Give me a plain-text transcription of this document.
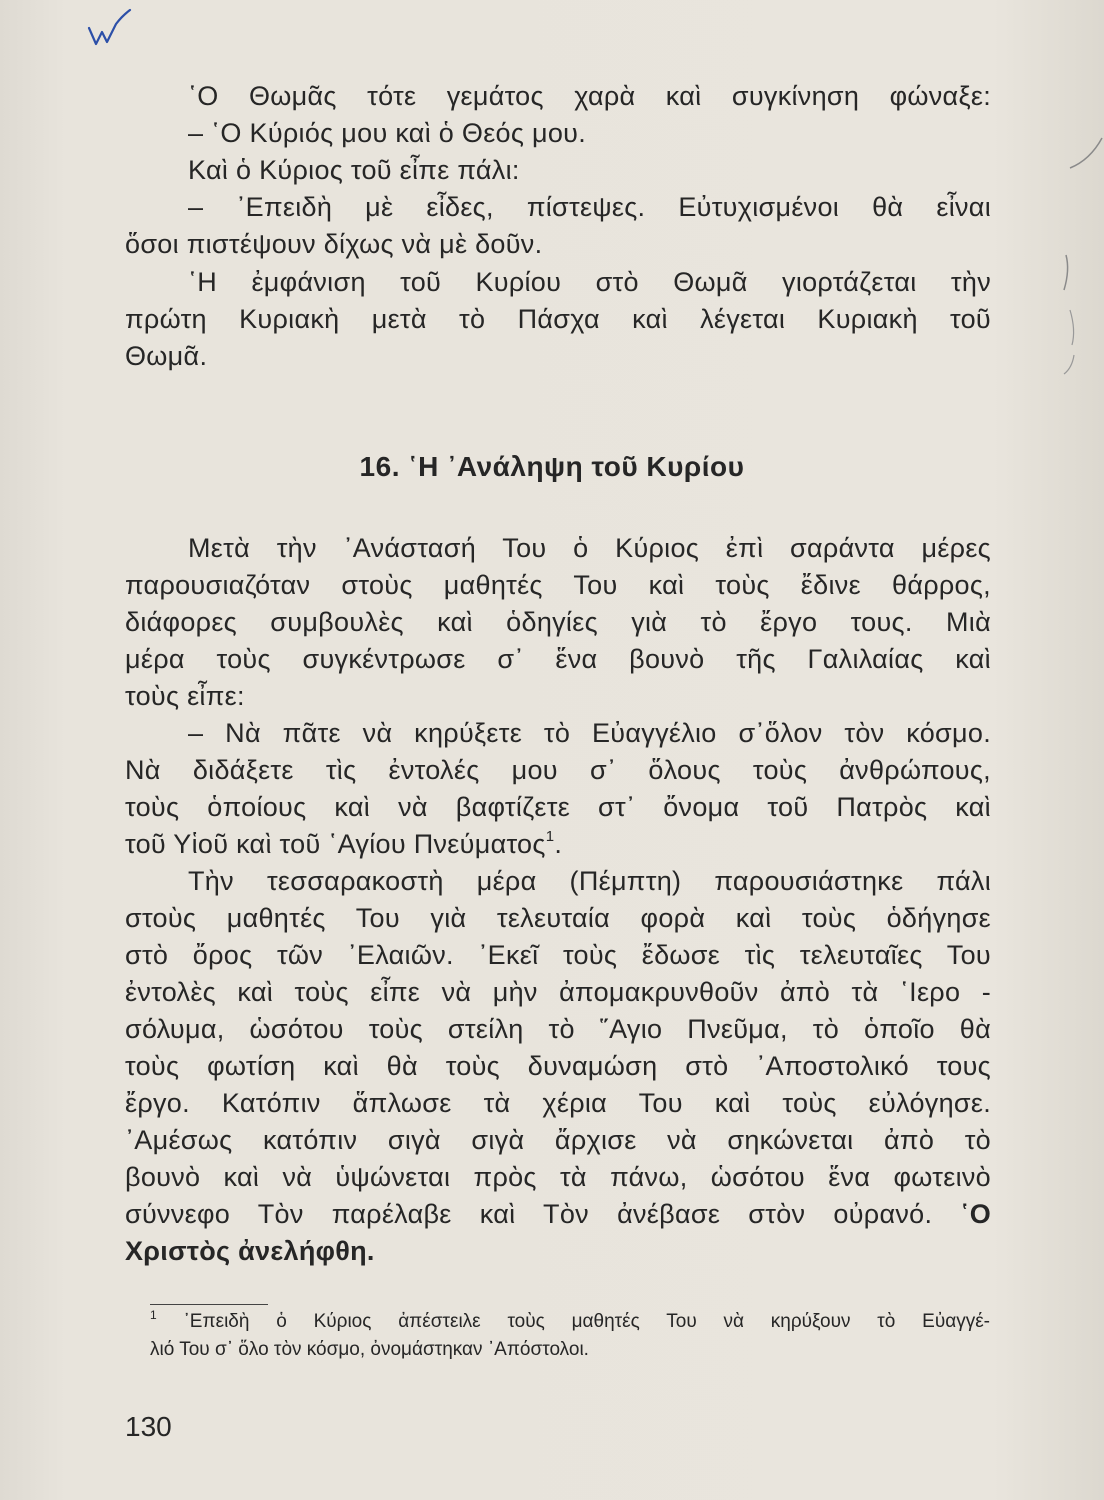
῾Ο Θωμᾶς τότε γεμάτος χαρὰ καὶ συγκίνηση φώναξε:
– ῾Ο Κύριός μου καὶ ὁ Θεός μου.
Καὶ ὁ Κύριος τοῦ εἶπε πάλι:
– ᾿Επειδὴ μὲ εἶδες, πίστεψες. Εὐτυχισμένοι θὰ εἶναι
ὅσοι πιστέψουν δίχως νὰ μὲ δοῦν.
῾Η ἐμφάνιση τοῦ Κυρίου στὸ Θωμᾶ γιορτάζεται τὴν
πρώτη Κυριακὴ μετὰ τὸ Πάσχα καὶ λέγεται Κυριακὴ τοῦ
Θωμᾶ.
16. ῾Η ᾿Ανάληψη τοῦ Κυρίου
Μετὰ τὴν ᾿Ανάστασή Του ὁ Κύριος ἐπὶ σαράντα μέρες
παρουσιαζόταν στοὺς μαθητές Του καὶ τοὺς ἔδινε θάρρος,
διάφορες συμβουλὲς καὶ ὁδηγίες γιὰ τὸ ἔργο τους. Μιὰ
μέρα τοὺς συγκέντρωσε σ᾿ ἕνα βουνὸ τῆς Γαλιλαίας καὶ
τοὺς εἶπε:
– Νὰ πᾶτε νὰ κηρύξετε τὸ Εὐαγγέλιο σ᾿ὅλον τὸν κόσμο.
Νὰ διδάξετε τὶς ἐντολές μου σ᾿ ὅλους τοὺς ἀνθρώπους,
τοὺς ὁποίους καὶ νὰ βαφτίζετε στ᾿ ὄνομα τοῦ Πατρὸς καὶ
τοῦ Υἱοῦ καὶ τοῦ ῾Αγίου Πνεύματος$^1$.
Τὴν τεσσαρακοστὴ μέρα (Πέμπτη) παρουσιάστηκε πάλι
στοὺς μαθητές Του γιὰ τελευταία φορὰ καὶ τοὺς ὁδήγησε
στὸ ὄρος τῶν ᾿Ελαιῶν. ᾿Εκεῖ τοὺς ἔδωσε τὶς τελευταῖες Του
ἐντολὲς καὶ τοὺς εἶπε νὰ μὴν ἀπομακρυνθοῦν ἀπὸ τὰ ῾Ιερο -
σόλυμα, ὡσότου τοὺς στείλη τὸ ῞Αγιο Πνεῦμα, τὸ ὁποῖο θὰ
τοὺς φωτίση καὶ θὰ τοὺς δυναμώση στὸ ᾿Αποστολικό τους
ἔργο. Κατόπιν ἅπλωσε τὰ χέρια Του καὶ τοὺς εὐλόγησε.
᾿Αμέσως κατόπιν σιγὰ σιγὰ ἄρχισε νὰ σηκώνεται ἀπὸ τὸ
βουνὸ καὶ νὰ ὑψώνεται πρὸς τὰ πάνω, ὡσότου ἕνα φωτεινὸ
σύννεφο Τὸν παρέλαβε καὶ Τὸν ἀνέβασε στὸν οὐρανό. ῾Ο
Χριστὸς ἀνελήφθη.
$^1$ ᾿Επειδὴ ὁ Κύριος ἀπέστειλε τοὺς μαθητές Του νὰ κηρύξουν τὸ Εὐαγγέ-
λιό Του σ᾿ ὅλο τὸν κόσμο, ὀνομάστηκαν ᾿Απόστολοι.
130
